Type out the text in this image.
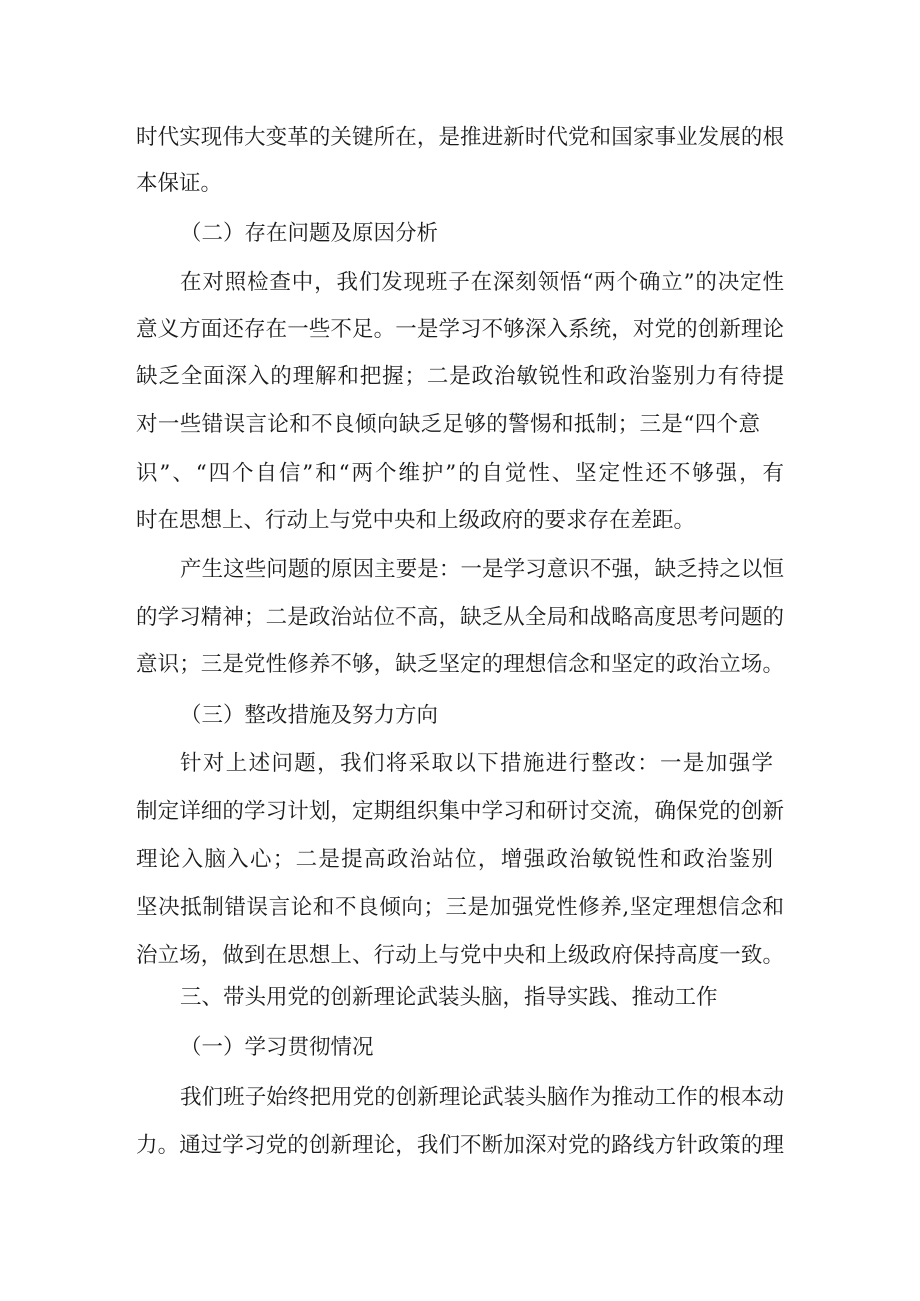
时代实现伟大变革的关键所在，是推进新时代党和国家事业发展的根
本保证。
（二）存在问题及原因分析
在对照检查中，我们发现班子在深刻领悟“两个确立”的决定性
意义方面还存在一些不足。一是学习不够深入系统，对党的创新理论
缺乏全面深入的理解和把握；二是政治敏锐性和政治鉴别力有待提
对一些错误言论和不良倾向缺乏足够的警惕和抵制；三是“四个意
识”、“四个自信”和“两个维护”的自觉性、坚定性还不够强，有
时在思想上、行动上与党中央和上级政府的要求存在差距。
产生这些问题的原因主要是：一是学习意识不强，缺乏持之以恒
的学习精神；二是政治站位不高，缺乏从全局和战略高度思考问题的
意识；三是党性修养不够，缺乏坚定的理想信念和坚定的政治立场。
（三）整改措施及努力方向
针对上述问题，我们将采取以下措施进行整改：一是加强学
制定详细的学习计划，定期组织集中学习和研讨交流，确保党的创新
理论入脑入心；二是提高政治站位，增强政治敏锐性和政治鉴别
坚决抵制错误言论和不良倾向；三是加强党性修养,坚定理想信念和
治立场，做到在思想上、行动上与党中央和上级政府保持高度一致。
三、带头用党的创新理论武装头脑，指导实践、推动工作
（一）学习贯彻情况
我们班子始终把用党的创新理论武装头脑作为推动工作的根本动
力。通过学习党的创新理论，我们不断加深对党的路线方针政策的理
